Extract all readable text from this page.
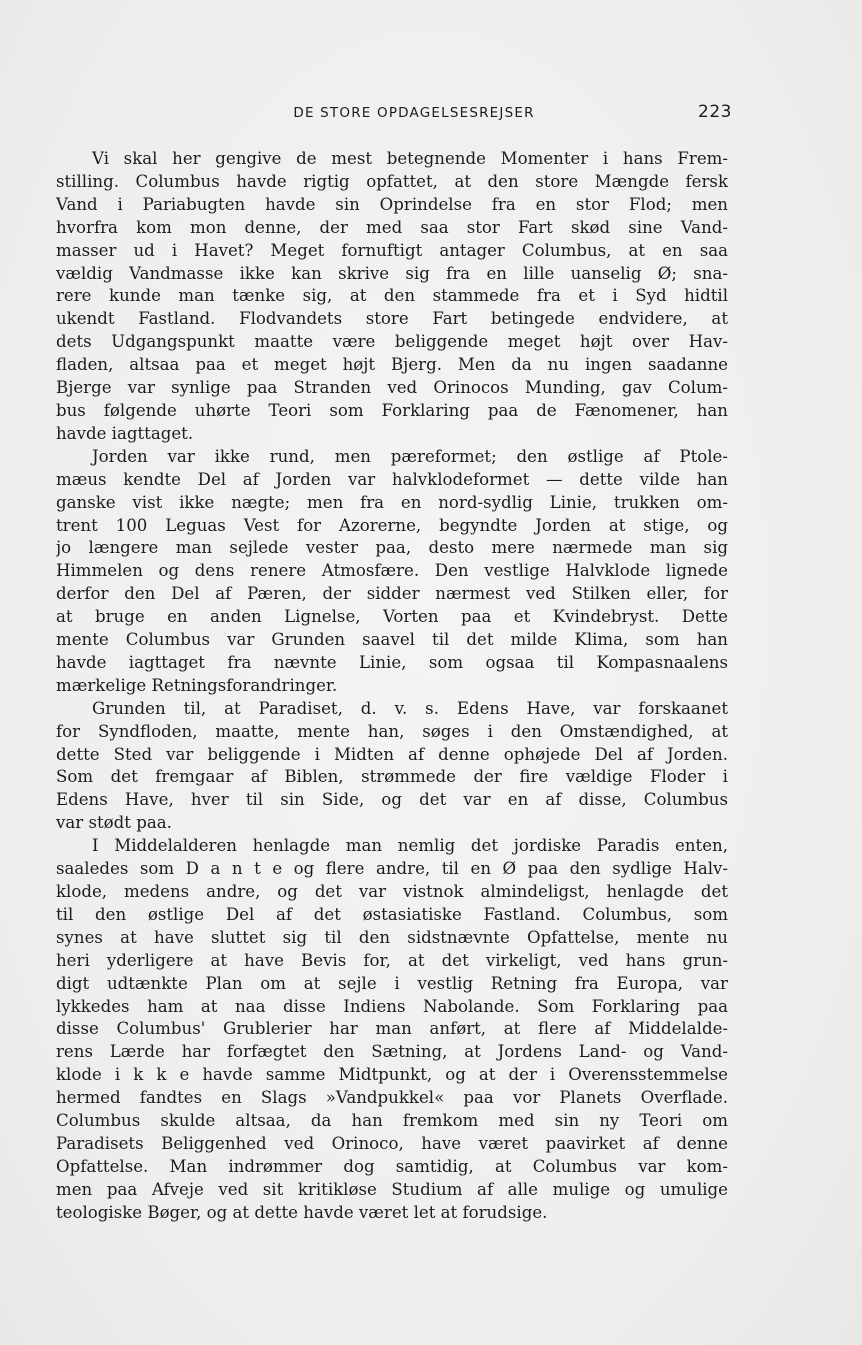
DE STORE OPDAGELSESREJSER	223
Vi skal her gengive de mest betegnende Momenter i hans Frem-
stilling. Columbus havde rigtig opfattet, at den store Mængde fersk
Vand i Pariabugten havde sin Oprindelse fra en stor Flod; men
hvorfra kom mon denne, der med saa stor Fart skød sine Vand-
masser ud i Havet? Meget fornuftigt antager Columbus, at en saa
vældig Vandmasse ikke kan skrive sig fra en lille uanselig Ø; sna-
rere kunde man tænke sig, at den stammede fra et i Syd hidtil
ukendt Fastland. Flodvandets store Fart betingede endvidere, at
dets Udgangspunkt maatte være beliggende meget højt over Hav-
fladen, altsaa paa et meget højt Bjerg. Men da nu ingen saadanne
Bjerge var synlige paa Stranden ved Orinocos Munding, gav Colum-
bus følgende uhørte Teori som Forklaring paa de Fænomener, han
havde iagttaget.
Jorden var ikke rund, men pæreformet; den østlige af Ptole-
mæus kendte Del af Jorden var halvklodeformet — dette vilde han
ganske vist ikke nægte; men fra en nord-sydlig Linie, trukken om-
trent 100 Leguas Vest for Azorerne, begyndte Jorden at stige, og
jo længere man sejlede vester paa, desto mere nærmede man sig
Himmelen og dens renere Atmosfære. Den vestlige Halvklode lignede
derfor den Del af Pæren, der sidder nærmest ved Stilken eller, for
at bruge en anden Lignelse, Vorten paa et Kvindebryst. Dette
mente Columbus var Grunden saavel til det milde Klima, som han
havde iagttaget fra nævnte Linie, som ogsaa til Kompasnaalens
mærkelige Retningsforandringer.
Grunden til, at Paradiset, d. v. s. Edens Have, var forskaanet
for Syndfloden, maatte, mente han, søges i den Omstændighed, at
dette Sted var beliggende i Midten af denne ophøjede Del af Jorden.
Som det fremgaar af Biblen, strømmede der fire vældige Floder i
Edens Have, hver til sin Side, og det var en af disse, Columbus
var stødt paa.
I Middelalderen henlagde man nemlig det jordiske Paradis enten,
saaledes som D a n t e og flere andre, til en Ø paa den sydlige Halv-
klode, medens andre, og det var vistnok almindeligst, henlagde det
til den østlige Del af det østasiatiske Fastland. Columbus, som
synes at have sluttet sig til den sidstnævnte Opfattelse, mente nu
heri yderligere at have Bevis for, at det virkeligt, ved hans grun-
digt udtænkte Plan om at sejle i vestlig Retning fra Europa, var
lykkedes ham at naa disse Indiens Nabolande. Som Forklaring paa
disse Columbus' Grublerier har man anført, at flere af Middelalde-
rens Lærde har forfægtet den Sætning, at Jordens Land- og Vand-
klode i k k e havde samme Midtpunkt, og at der i Overensstemmelse
hermed fandtes en Slags »Vandpukkel« paa vor Planets Overflade.
Columbus skulde altsaa, da han fremkom med sin ny Teori om
Paradisets Beliggenhed ved Orinoco, have været paavirket af denne
Opfattelse. Man indrømmer dog samtidig, at Columbus var kom-
men paa Afveje ved sit kritikløse Studium af alle mulige og umulige
teologiske Bøger, og at dette havde været let at forudsige.
